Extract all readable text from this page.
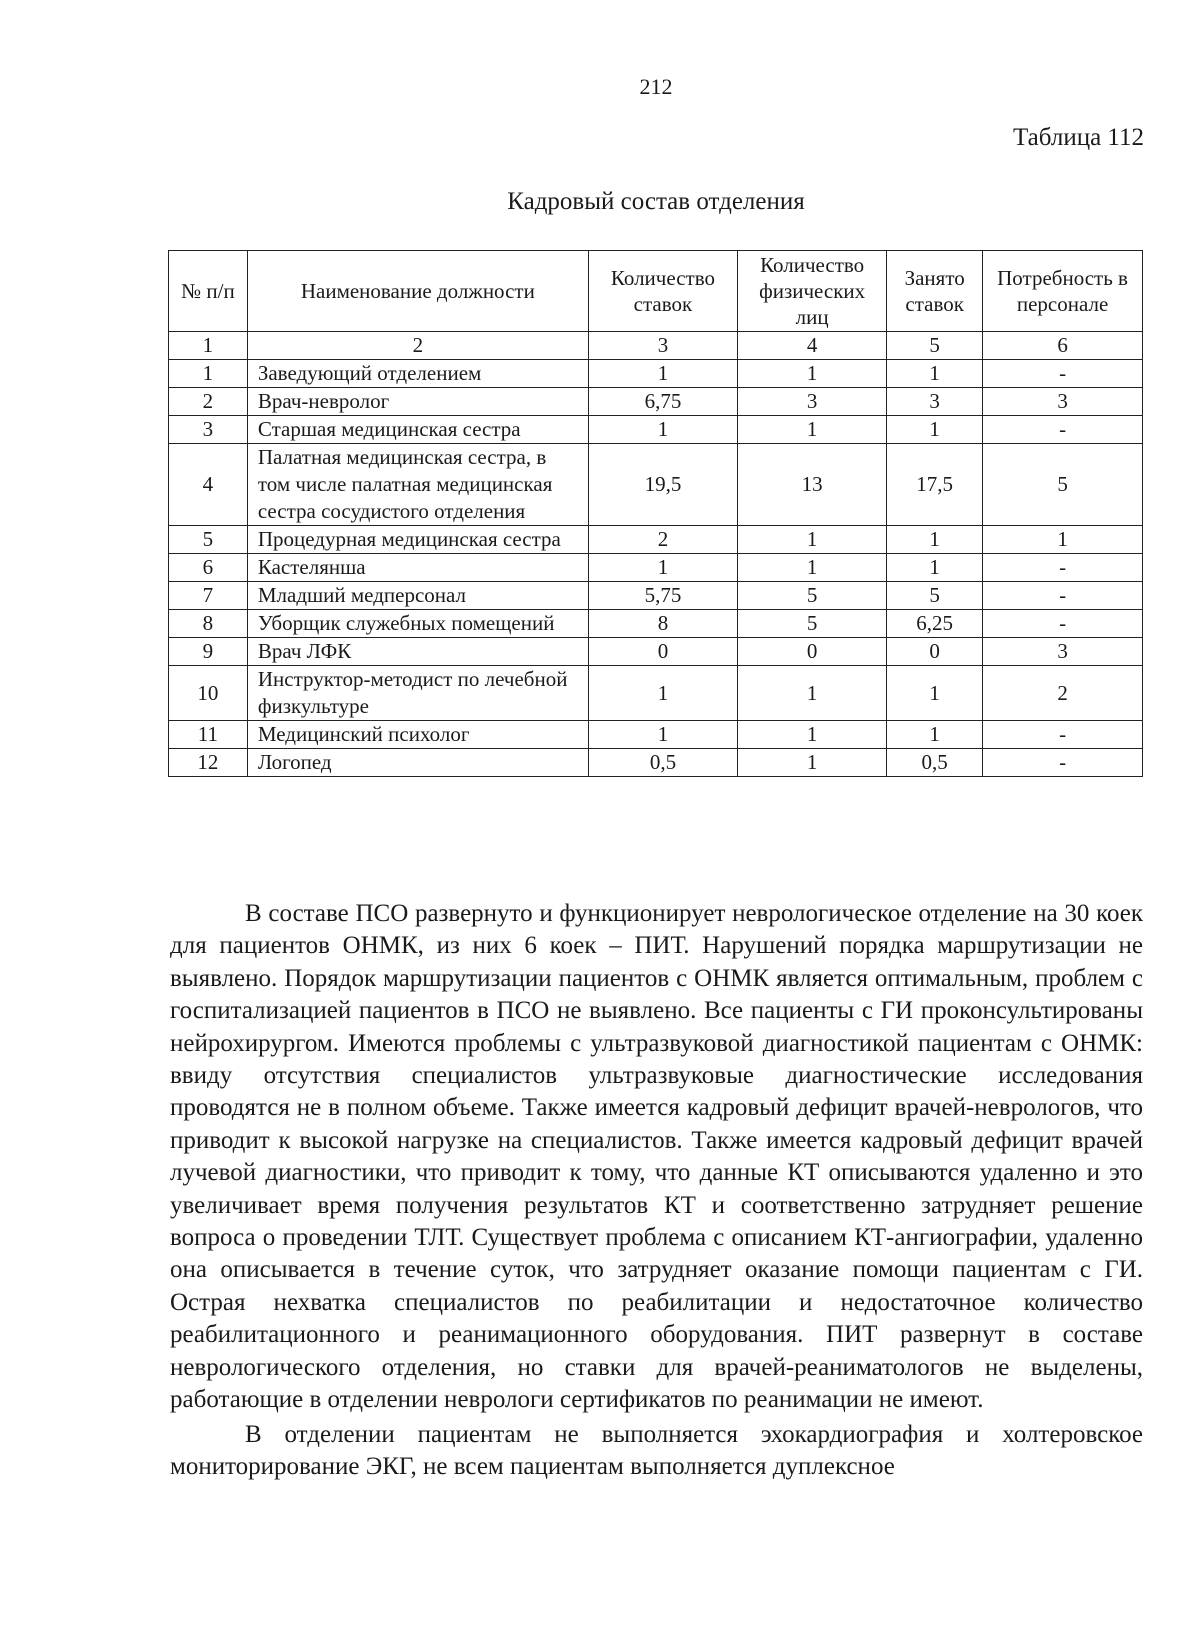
212
Таблица 112
Кадровый состав отделения
№ п/п	Наименование должности	Количество ставок	Количество физических лиц	Занято ставок	Потребность в персонале
1	2	3	4	5	6
1	Заведующий отделением	1	1	1	-
2	Врач-невролог	6,75	3	3	3
3	Старшая медицинская сестра	1	1	1	-
4	Палатная медицинская сестра, в том числе палатная медицинская сестра сосудистого отделения	19,5	13	17,5	5
5	Процедурная медицинская сестра	2	1	1	1
6	Кастелянша	1	1	1	-
7	Младший медперсонал	5,75	5	5	-
8	Уборщик служебных помещений	8	5	6,25	-
9	Врач ЛФК	0	0	0	3
10	Инструктор-методист по лечебной физкультуре	1	1	1	2
11	Медицинский психолог	1	1	1	-
12	Логопед	0,5	1	0,5	-

В составе ПСО развернуто и функционирует неврологическое отделение на 30 коек для пациентов ОНМК, из них 6 коек – ПИТ. Нарушений порядка маршрутизации не выявлено. Порядок маршрутизации пациентов с ОНМК является оптимальным, проблем с госпитализацией пациентов в ПСО не выявлено. Все пациенты с ГИ проконсультированы нейрохирургом. Имеются проблемы с ультразвуковой диагностикой пациентам с ОНМК: ввиду отсутствия специалистов ультразвуковые диагностические исследования проводятся не в полном объеме. Также имеется кадровый дефицит врачей-неврологов, что приводит к высокой нагрузке на специалистов. Также имеется кадровый дефицит врачей лучевой диагностики, что приводит к тому, что данные КТ описываются удаленно и это увеличивает время получения результатов КТ и соответственно затрудняет решение вопроса о проведении ТЛТ. Существует проблема с описанием КТ-ангиографии, удаленно она описывается в течение суток, что затрудняет оказание помощи пациентам с ГИ. Острая нехватка специалистов по реабилитации и недостаточное количество реабилитационного и реанимационного оборудования. ПИТ развернут в составе неврологического отделения, но ставки для врачей-реаниматологов не выделены, работающие в отделении неврологи сертификатов по реанимации не имеют.

В отделении пациентам не выполняется эхокардиография и холтеровское мониторирование ЭКГ, не всем пациентам выполняется дуплексное
